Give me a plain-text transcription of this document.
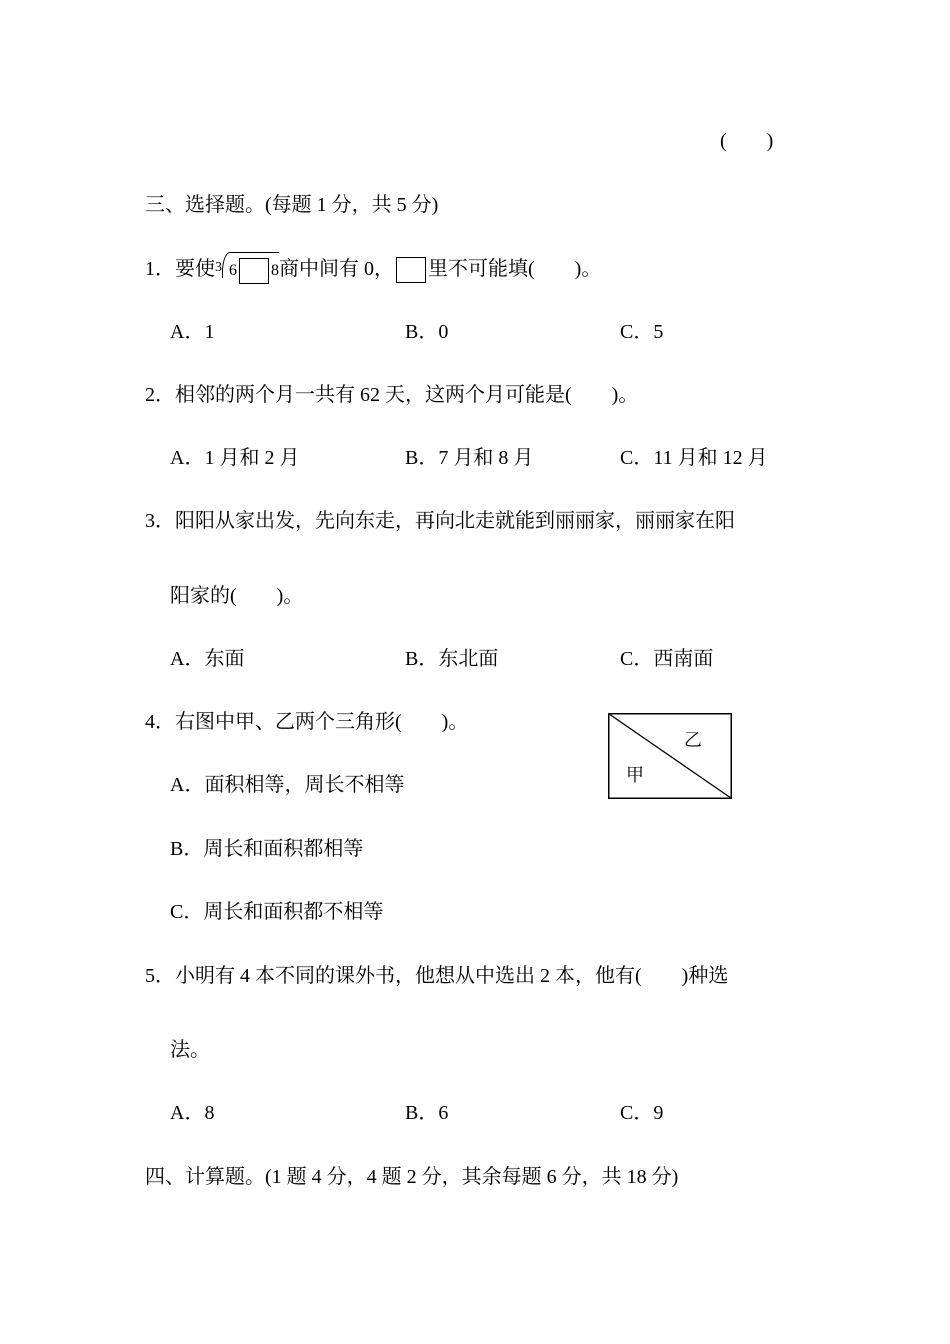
(　　)
三、选择题。(每题 1 分，共 5 分)
1．要使$^3$ 6 8商中间有 0， 里不可能填(　　)。
A．1	B．0	C．5
2．相邻的两个月一共有 62 天，这两个月可能是(　　)。
A．1 月和 2 月	B．7 月和 8 月	C．11 月和 12 月
3．阳阳从家出发，先向东走，再向北走就能到丽丽家，丽丽家在阳
阳家的(　　)。
A．东面	B．东北面	C．西南面
4．右图中甲、乙两个三角形(　　)。
A．面积相等，周长不相等
B．周长和面积都相等
C．周长和面积都不相等
乙
甲
5．小明有 4 本不同的课外书，他想从中选出 2 本，他有(　　)种选
法。
A．8	B．6	C．9
四、计算题。(1 题 4 分，4 题 2 分，其余每题 6 分，共 18 分)
